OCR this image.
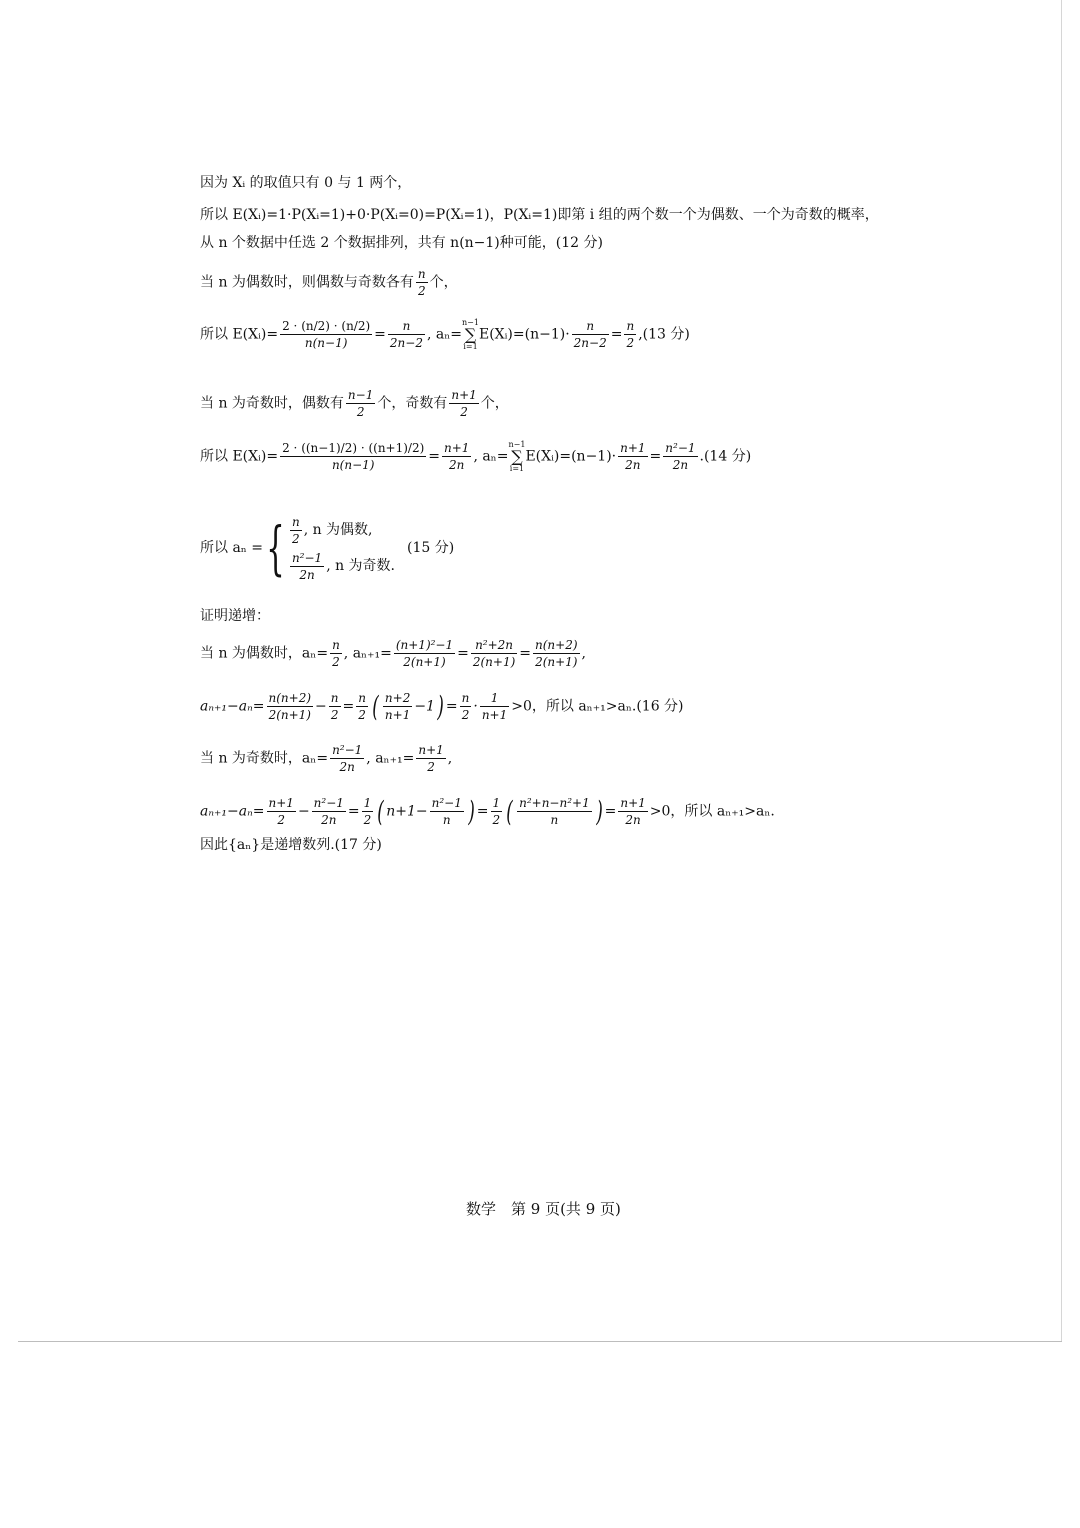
因为 Xᵢ 的取值只有 0 与 1 两个，
所以 E(Xᵢ)=1·P(Xᵢ=1)+0·P(Xᵢ=0)=P(Xᵢ=1)，P(Xᵢ=1)即第 i 组的两个数一个为偶数、一个为奇数的概率，
从 n 个数据中任选 2 个数据排列，共有 n(n−1)种可能，(12 分)
当 n 为偶数时，则偶数与奇数各有 $\frac{n}{2}$ 个，
所以 E(Xᵢ)= $\frac{2 \cdot (n/2) \cdot (n/2)}{n(n-1)} = \frac{n}{2n-2}$ , aₙ=n−1
∑
i=1E(Xᵢ)=(n−1)· $\frac{n}{2n-2} = \frac{n}{2} ,(13$ 分)
当 n 为奇数时，偶数有 $\frac{n-1}{2}$ 个，奇数有 $\frac{n+1}{2}$ 个，
所以 E(Xᵢ)= $\frac{2 \cdot ((n-1)/2) \cdot ((n+1)/2)}{n(n-1)} = \frac{n+1}{2n}$ , aₙ=n−1
∑
i=1E(Xᵢ)=(n−1)· $\frac{n+1}{2n} = \frac{\text{n²−1}}{2n} .(14$ 分)
所以 aₙ ={ $\frac{n}{2}$ , n 为偶数,
$\frac{\text{n²−1}}{2n}$ , n 为奇数.
(15 分)
证明递增：
当 n 为偶数时，$a_n= \frac{n}{2}$ , $a_{n+1}= \frac{\text{(n+1)²−1}}{2(n+1)} = \frac{\text{n²+2n}}{2(n+1)} = \frac{n(n+2)}{2(n+1)}$ ,
$a_{n+1}-a_n= \frac{n(n+2)}{2(n+1)} - \frac{n}{2} = \frac{n}{2}$ ( $\frac{n+2}{n+1} -1) = \frac{n}{2} \cdot \frac{1}{n+1} >0$，所以 aₙ₊₁>aₙ.(16 分)
当 n 为奇数时，$a_n= \frac{\text{n²−1}}{2n}$ , $a_{n+1}= \frac{n+1}{2}$ ,
$a_{n+1}-a_n= \frac{n+1}{2} - \frac{\text{n²−1}}{2n} = \frac{1}{2}$ ( $n+1- \frac{\text{n²−1}}{n}$ ) = $\frac{1}{2}$ ( $\frac{\text{n²+n−n²+1}}{n}$ ) = $\frac{n+1}{2n} >0$，所以 aₙ₊₁>aₙ.
因此{aₙ}是递增数列.(17 分)
数学　第 9 页(共 9 页)
